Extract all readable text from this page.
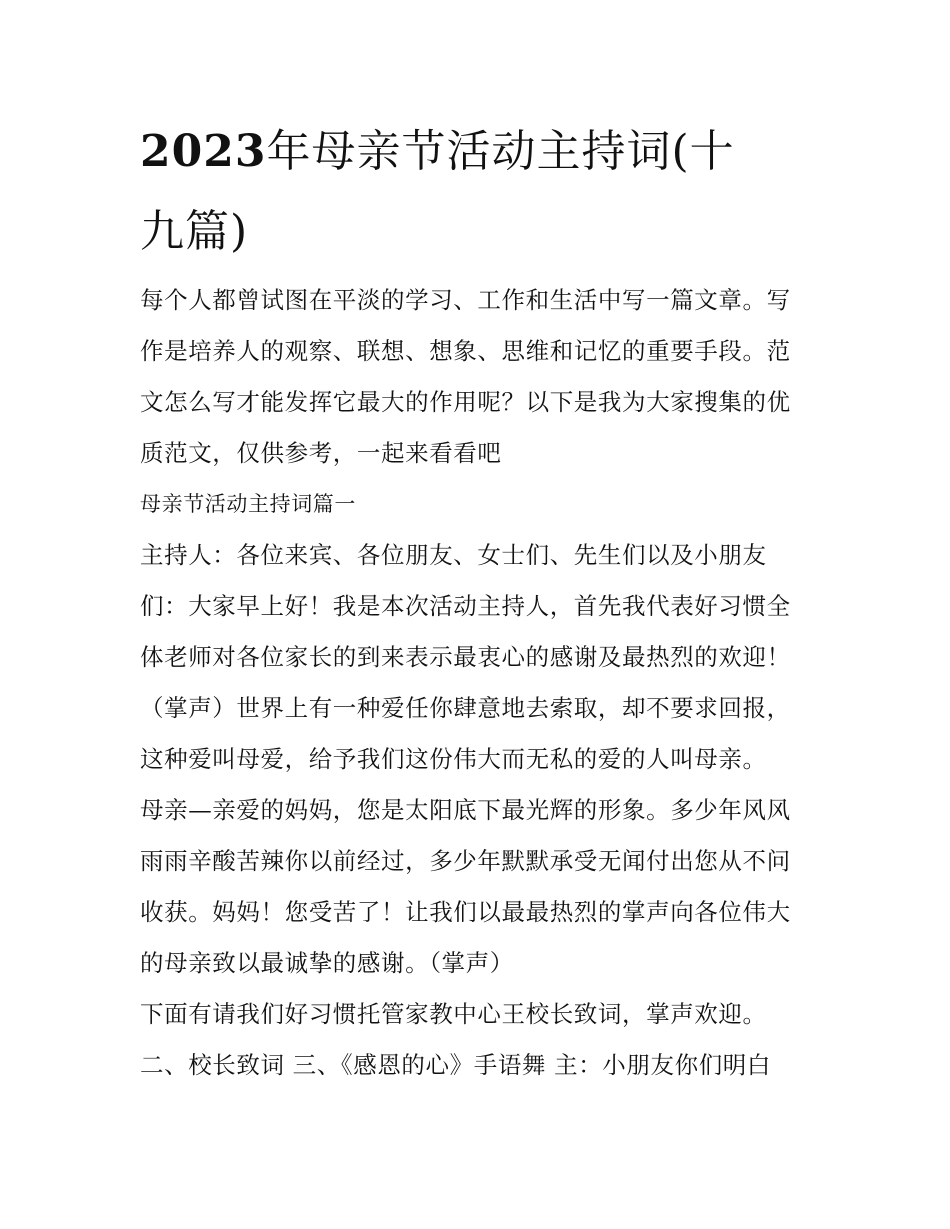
2023年母亲节活动主持词(十
九篇)
每个人都曾试图在平淡的学习、工作和生活中写一篇文章。写
作是培养人的观察、联想、想象、思维和记忆的重要手段。范
文怎么写才能发挥它最大的作用呢？以下是我为大家搜集的优
质范文，仅供参考，一起来看看吧
母亲节活动主持词篇一
主持人：各位来宾、各位朋友、女士们、先生们以及小朋友
们：大家早上好！我是本次活动主持人，首先我代表好习惯全
体老师对各位家长的到来表示最衷心的感谢及最热烈的欢迎！
（掌声）世界上有一种爱任你肆意地去索取，却不要求回报，
这种爱叫母爱，给予我们这份伟大而无私的爱的人叫母亲。
母亲—亲爱的妈妈，您是太阳底下最光辉的形象。多少年风风
雨雨辛酸苦辣你以前经过，多少年默默承受无闻付出您从不问
收获。妈妈！您受苦了！让我们以最最热烈的掌声向各位伟大
的母亲致以最诚挚的感谢。（掌声）
下面有请我们好习惯托管家教中心王校长致词，掌声欢迎。
二、校长致词 三、《感恩的心》手语舞 主：小朋友你们明白
